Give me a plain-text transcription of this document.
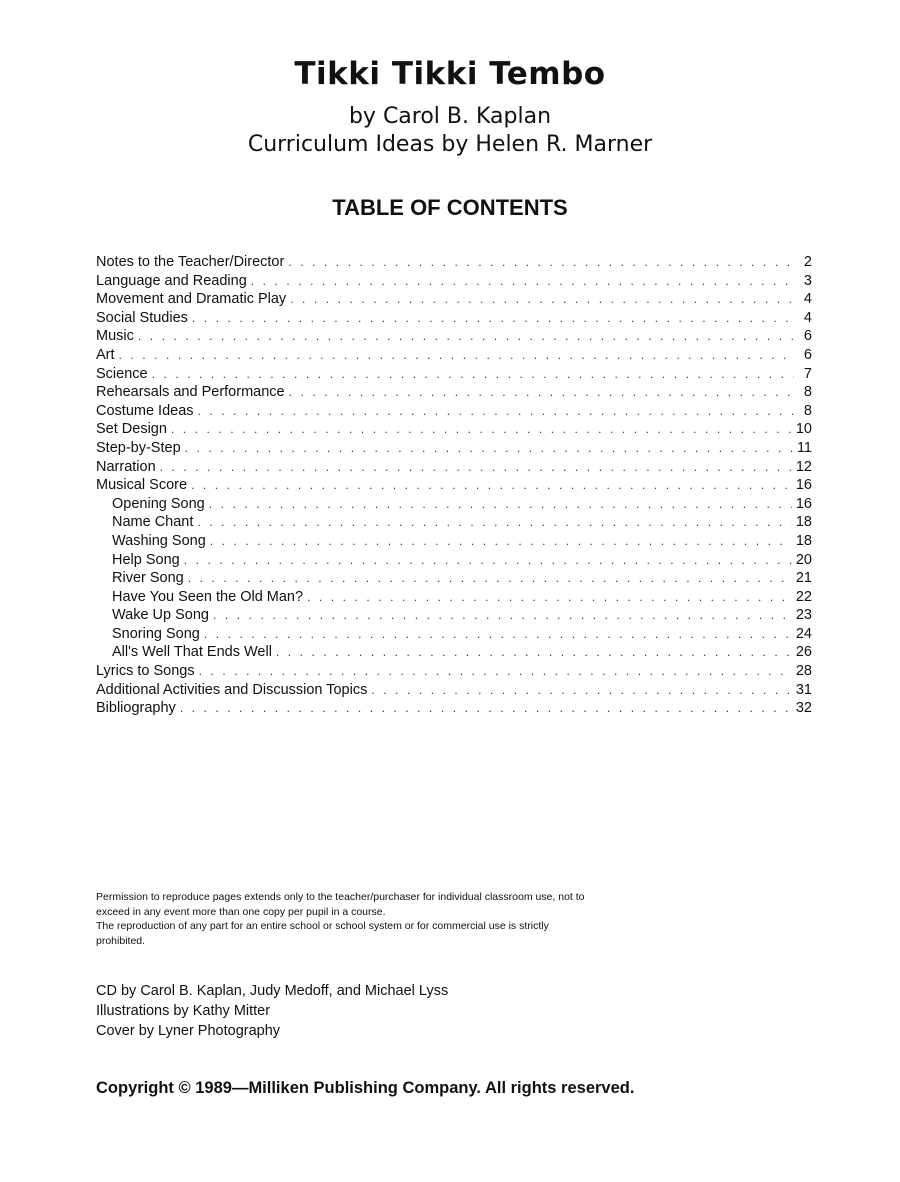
Tikki Tikki Tembo
by Carol B. Kaplan
Curriculum Ideas by Helen R. Marner
TABLE OF CONTENTS
Notes to the Teacher/Director . . .	2
Language and Reading . . .	3
Movement and Dramatic Play . . .	4
Social Studies . . .	4
Music . . .	6
Art . . .	6
Science . . .	7
Rehearsals and Performance . . .	8
Costume Ideas . . .	8
Set Design . . .	10
Step-by-Step . . .	11
Narration . . .	12
Musical Score . . .	16
Opening Song . . .	16
Name Chant . . .	18
Washing Song . . .	18
Help Song . . .	20
River Song . . .	21
Have You Seen the Old Man? . . .	22
Wake Up Song . . .	23
Snoring Song . . .	24
All's Well That Ends Well . . .	26
Lyrics to Songs . . .	28
Additional Activities and Discussion Topics . . .	31
Bibliography . . .	32
Permission to reproduce pages extends only to the teacher/purchaser for individual classroom use, not to
exceed in any event more than one copy per pupil in a course.
The reproduction of any part for an entire school or school system or for commercial use is strictly
prohibited.
CD by Carol B. Kaplan, Judy Medoff, and Michael Lyss
Illustrations by Kathy Mitter
Cover by Lyner Photography
Copyright © 1989—Milliken Publishing Company. All rights reserved.
